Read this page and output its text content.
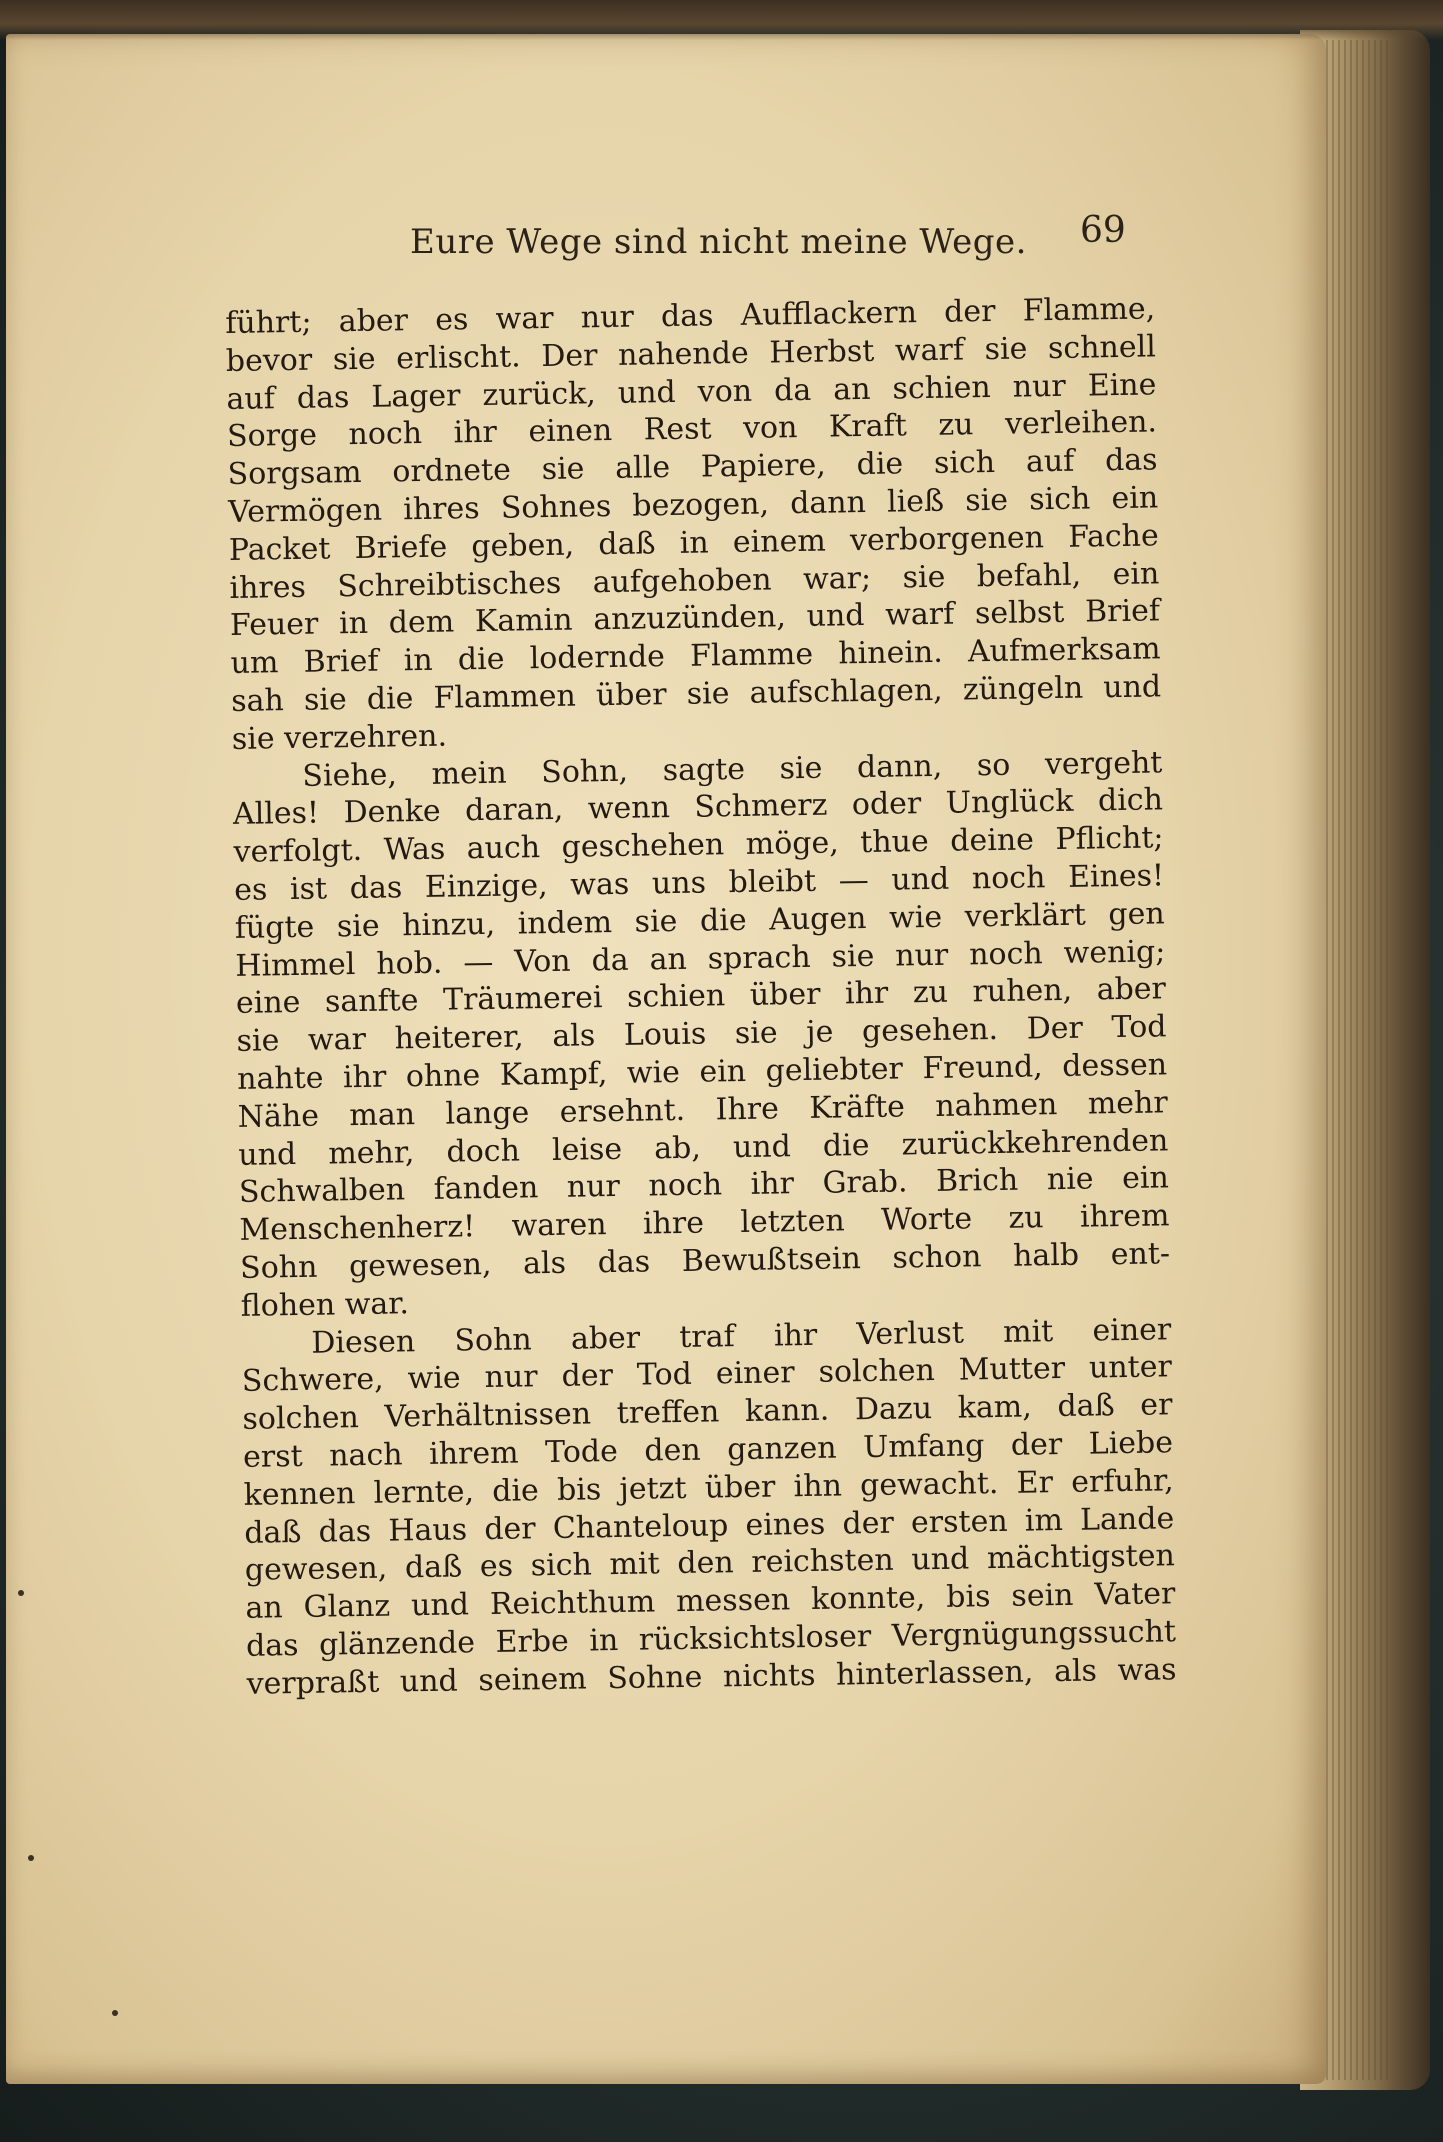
Eure Wege sind nicht meine Wege. 69
führt; aber es war nur das Aufflackern der Flamme,
bevor sie erlischt. Der nahende Herbst warf sie schnell
auf das Lager zurück, und von da an schien nur Eine
Sorge noch ihr einen Rest von Kraft zu verleihen.
Sorgsam ordnete sie alle Papiere, die sich auf das
Vermögen ihres Sohnes bezogen, dann ließ sie sich ein
Packet Briefe geben, daß in einem verborgenen Fache
ihres Schreibtisches aufgehoben war; sie befahl, ein
Feuer in dem Kamin anzuzünden, und warf selbst Brief
um Brief in die lodernde Flamme hinein. Aufmerksam
sah sie die Flammen über sie aufschlagen, züngeln und
sie verzehren.
Siehe, mein Sohn, sagte sie dann, so vergeht
Alles! Denke daran, wenn Schmerz oder Unglück dich
verfolgt. Was auch geschehen möge, thue deine Pflicht;
es ist das Einzige, was uns bleibt — und noch Eines!
fügte sie hinzu, indem sie die Augen wie verklärt gen
Himmel hob. — Von da an sprach sie nur noch wenig;
eine sanfte Träumerei schien über ihr zu ruhen, aber
sie war heiterer, als Louis sie je gesehen. Der Tod
nahte ihr ohne Kampf, wie ein geliebter Freund, dessen
Nähe man lange ersehnt. Ihre Kräfte nahmen mehr
und mehr, doch leise ab, und die zurückkehrenden
Schwalben fanden nur noch ihr Grab. Brich nie ein
Menschenherz! waren ihre letzten Worte zu ihrem
Sohn gewesen, als das Bewußtsein schon halb ent-
flohen war.
Diesen Sohn aber traf ihr Verlust mit einer
Schwere, wie nur der Tod einer solchen Mutter unter
solchen Verhältnissen treffen kann. Dazu kam, daß er
erst nach ihrem Tode den ganzen Umfang der Liebe
kennen lernte, die bis jetzt über ihn gewacht. Er erfuhr,
daß das Haus der Chanteloup eines der ersten im Lande
gewesen, daß es sich mit den reichsten und mächtigsten
an Glanz und Reichthum messen konnte, bis sein Vater
das glänzende Erbe in rücksichtsloser Vergnügungssucht
verpraßt und seinem Sohne nichts hinterlassen, als was
